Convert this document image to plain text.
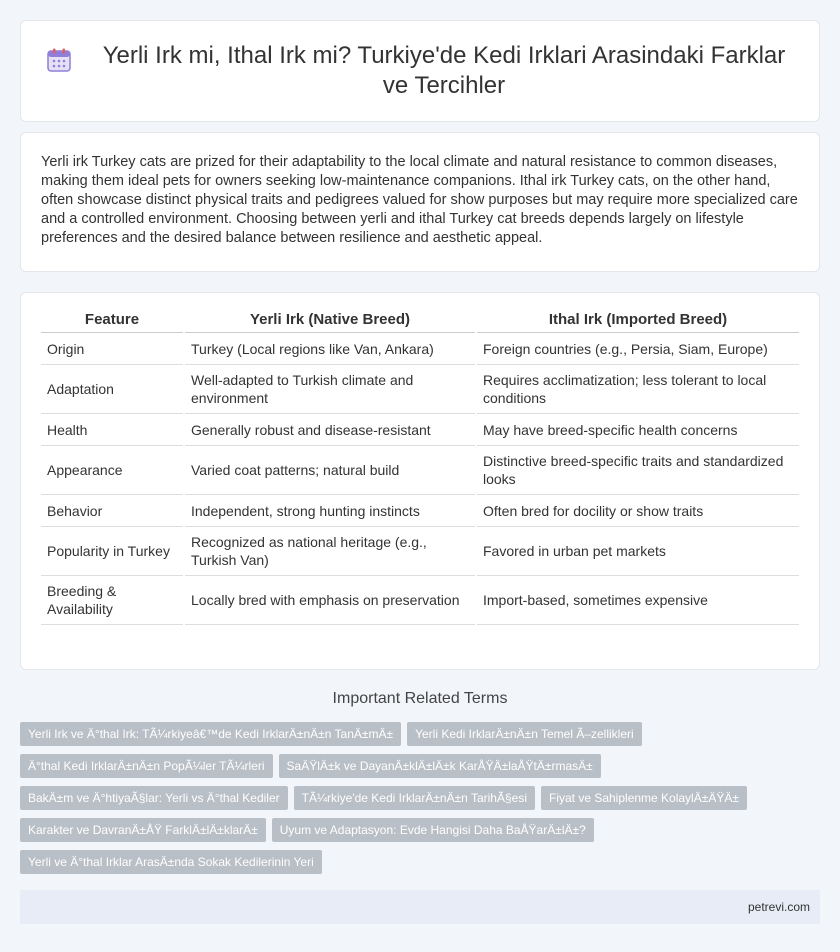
Yerli Irk mi, Ithal Irk mi? Turkiye'de Kedi Irklari Arasindaki Farklar ve Tercihler

Yerli irk Turkey cats are prized for their adaptability to the local climate and natural resistance to common diseases, making them ideal pets for owners seeking low-maintenance companions. Ithal irk Turkey cats, on the other hand, often showcase distinct physical traits and pedigrees valued for show purposes but may require more specialized care and a controlled environment. Choosing between yerli and ithal Turkey cat breeds depends largely on lifestyle preferences and the desired balance between resilience and aesthetic appeal.

Feature	Yerli Irk (Native Breed)	Ithal Irk (Imported Breed)
Origin	Turkey (Local regions like Van, Ankara)	Foreign countries (e.g., Persia, Siam, Europe)
Adaptation	Well-adapted to Turkish climate and environment	Requires acclimatization; less tolerant to local conditions
Health	Generally robust and disease-resistant	May have breed-specific health concerns
Appearance	Varied coat patterns; natural build	Distinctive breed-specific traits and standardized looks
Behavior	Independent, strong hunting instincts	Often bred for docility or show traits
Popularity in Turkey	Recognized as national heritage (e.g., Turkish Van)	Favored in urban pet markets
Breeding & Availability	Locally bred with emphasis on preservation	Import-based, sometimes expensive
Important Related Terms
Yerli Irk ve Ä°thal Irk: TÃ¼rkiyeâ€™de Kedi IrklarÄ±nÄ±n TanÄ±mÄ±	Yerli Kedi IrklarÄ±nÄ±n Temel Ã–zellikleri
Ä°thal Kedi IrklarÄ±nÄ±n PopÃ¼ler TÃ¼rleri	SaÄŸlÄ±k ve DayanÄ±klÄ±lÄ±k KarÅŸÄ±laÅŸtÄ±rmasÄ±
BakÄ±m ve Ä°htiyaÃ§lar: Yerli vs Ä°thal Kediler	TÃ¼rkiye'de Kedi IrklarÄ±nÄ±n TarihÃ§esi	Fiyat ve Sahiplenme KolaylÄ±ÄŸÄ±
Karakter ve DavranÄ±ÅŸ FarklÄ±lÄ±klarÄ±	Uyum ve Adaptasyon: Evde Hangisi Daha BaÅŸarÄ±lÄ±?
Yerli ve Ä°thal Irklar ArasÄ±nda Sokak Kedilerinin Yeri
petrevi.com
